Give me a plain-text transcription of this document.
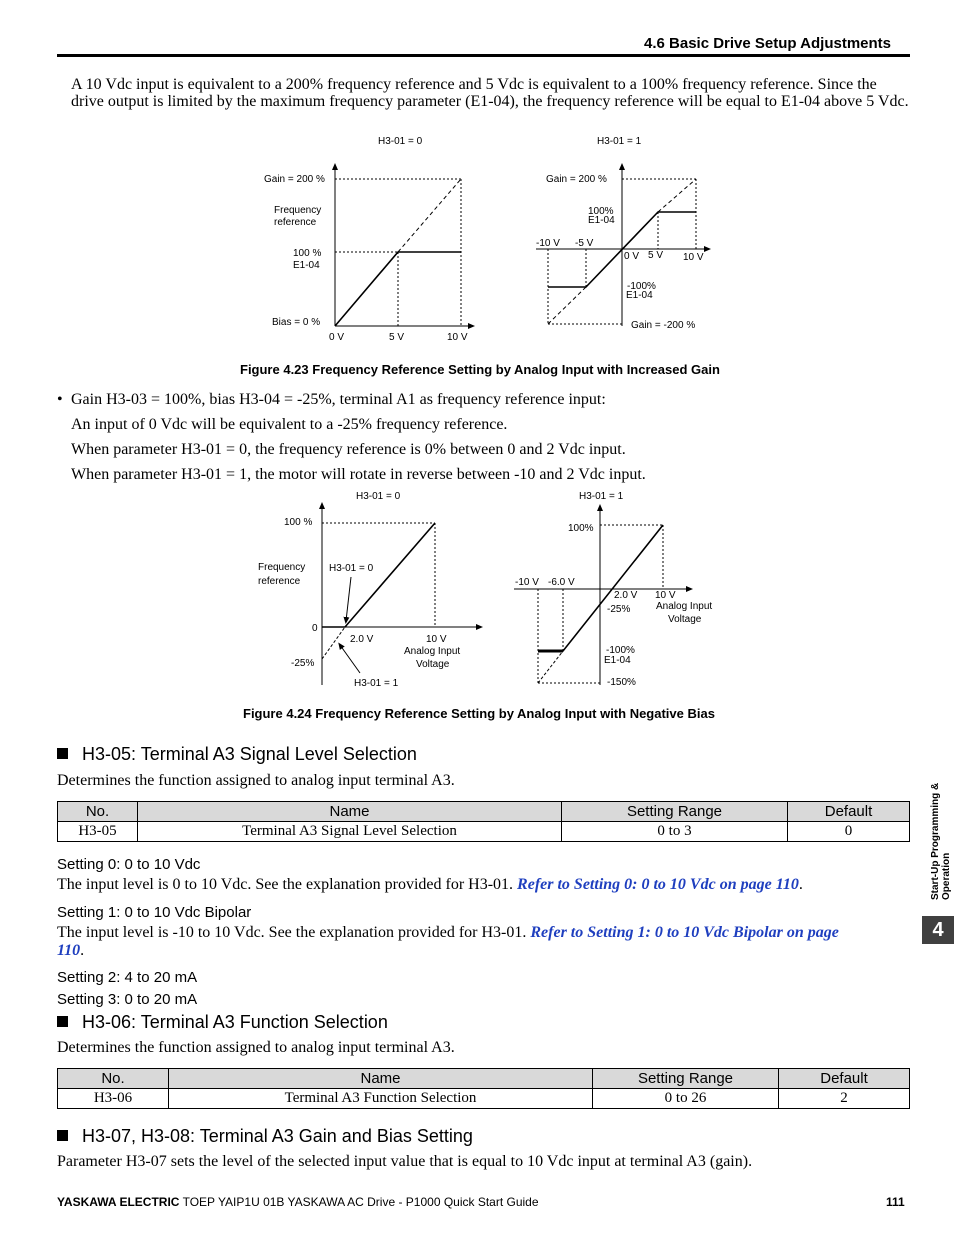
4.6 Basic Drive Setup Adjustments
A 10 Vdc input is equivalent to a 200% frequency reference and 5 Vdc is equivalent to a 100% frequency reference. Since the drive output is limited by the maximum frequency parameter (E1-04), the frequency reference will be equal to E1-04 above 5 Vdc.
H3-01 = 0
Gain = 200 %
Frequency
reference
100 %
E1-04
Bias = 0 %
0 V	5 V	10 V
H3-01 = 1
Gain = 200 %
100%
E1-04
-10 V -5 V
0 V 5 V 10 V
-100%
E1-04
Gain = -200 %
Figure 4.23 Frequency Reference Setting by Analog Input with Increased Gain
• Gain H3-03 = 100%, bias H3-04 = -25%, terminal A1 as frequency reference input:
An input of 0 Vdc will be equivalent to a -25% frequency reference.
When parameter H3-01 = 0, the frequency reference is 0% between 0 and 2 Vdc input.
When parameter H3-01 = 1, the motor will rotate in reverse between -10 and 2 Vdc input.
H3-01 = 0
100 %
Frequency
reference
H3-01 = 0
0
2.0 V	10 V
Analog Input
Voltage
-25%
H3-01 = 1
H3-01 = 1
100%
-10 V -6.0 V
2.0 V 10 V
-25%	Analog Input
Voltage
-100%
E1-04
-150%
Figure 4.24 Frequency Reference Setting by Analog Input with Negative Bias
H3-05: Terminal A3 Signal Level Selection
Determines the function assigned to analog input terminal A3.
No.	Name	Setting Range	Default
H3-05	Terminal A3 Signal Level Selection	0 to 3	0
Setting 0: 0 to 10 Vdc
The input level is 0 to 10 Vdc. See the explanation provided for H3-01. Refer to Setting 0: 0 to 10 Vdc on page 110.
Setting 1: 0 to 10 Vdc Bipolar
The input level is -10 to 10 Vdc. See the explanation provided for H3-01. Refer to Setting 1: 0 to 10 Vdc Bipolar on page
110.
Setting 2: 4 to 20 mA
Setting 3: 0 to 20 mA
H3-06: Terminal A3 Function Selection
Determines the function assigned to analog input terminal A3.
No.	Name	Setting Range	Default
H3-06	Terminal A3 Function Selection	0 to 26	2
H3-07, H3-08: Terminal A3 Gain and Bias Setting
Parameter H3-07 sets the level of the selected input value that is equal to 10 Vdc input at terminal A3 (gain).
Start-Up Programming & Operation
4
YASKAWA ELECTRIC TOEP YAIP1U 01B YASKAWA AC Drive - P1000 Quick Start Guide	111
